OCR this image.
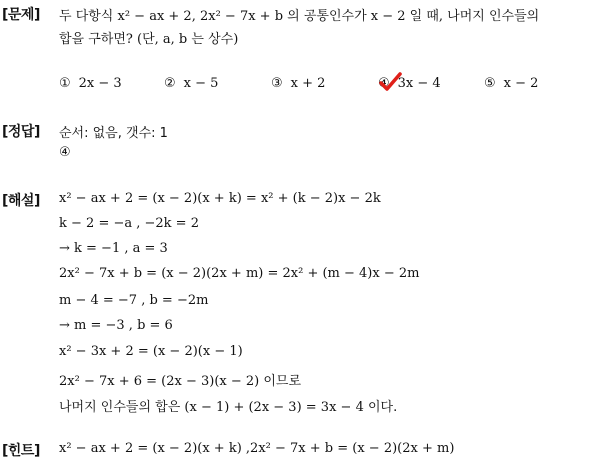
[문제] 두 다항식 x² − ax + 2, 2x² − 7x + b 의 공통인수가 x − 2 일 때, 나머지 인수들의
합을 구하면? (단, a, b 는 상수)
① 2x − 3	② x − 5	③ x + 2	④ 3x − 4	⑤ x − 2
[정답] 순서: 없음, 갯수: 1
④
[해설] x² − ax + 2 = (x − 2)(x + k) = x² + (k − 2)x − 2k
k − 2 = −a , −2k = 2
→ k = −1 , a = 3
2x² − 7x + b = (x − 2)(2x + m) = 2x² + (m − 4)x − 2m
m − 4 = −7 , b = −2m
→ m = −3 , b = 6
x² − 3x + 2 = (x − 2)(x − 1)
2x² − 7x + 6 = (2x − 3)(x − 2) 이므로
나머지 인수들의 합은 (x − 1) + (2x − 3) = 3x − 4 이다.
[힌트] x² − ax + 2 = (x − 2)(x + k) ,2x² − 7x + b = (x − 2)(2x + m)
